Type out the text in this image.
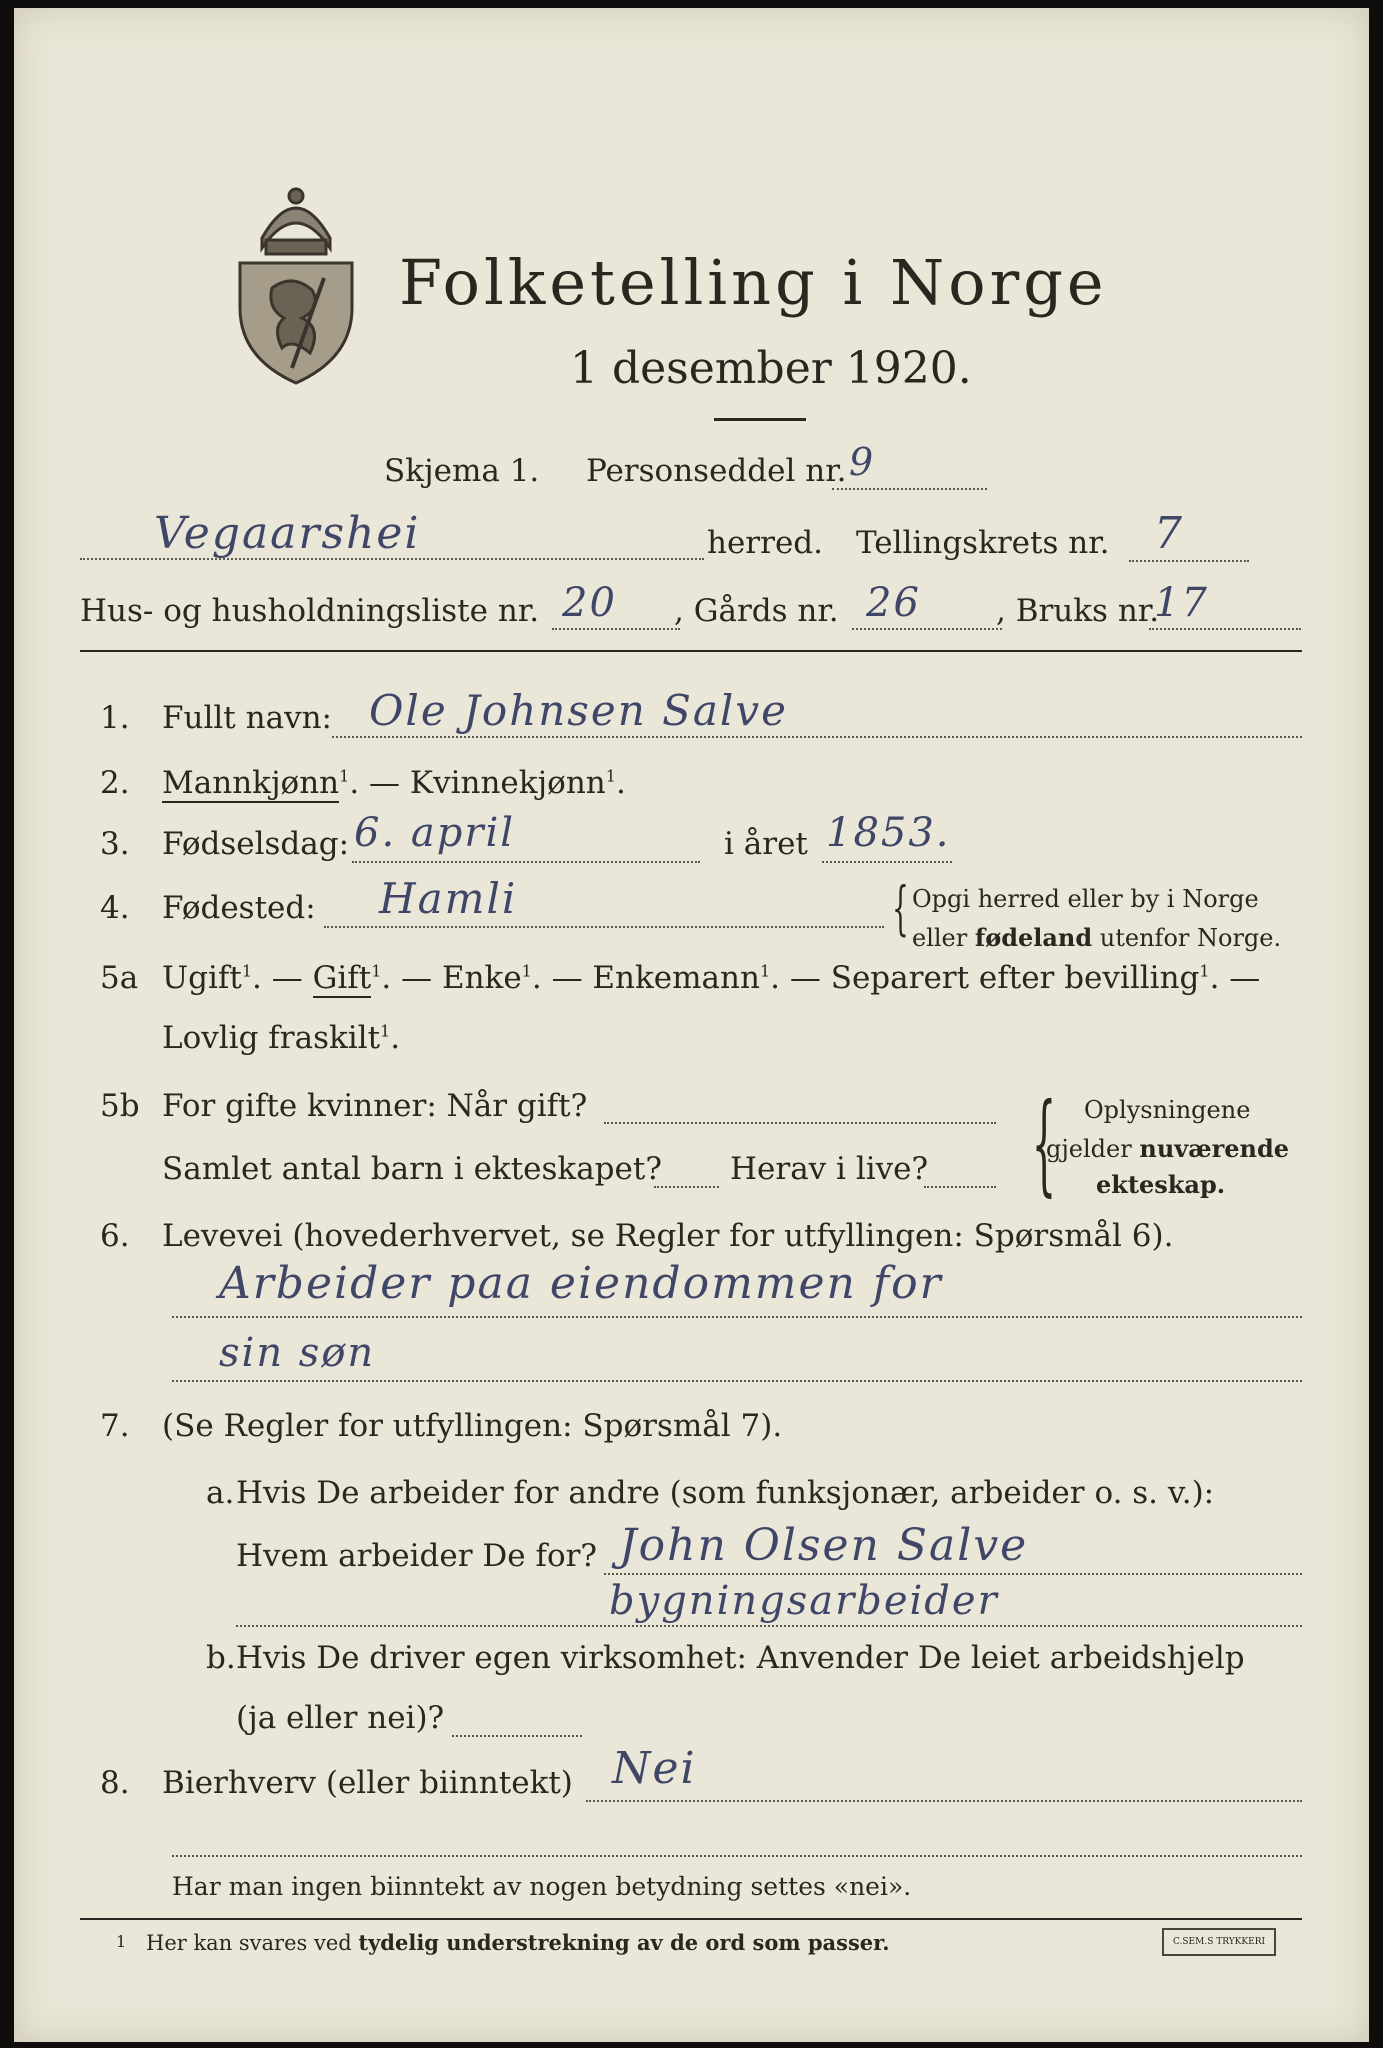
Folketelling i Norge
1 desember 1920.
Skjema 1. Personseddel nr. 9
Vegaarshei	herred. Tellingskrets nr. 7
Hus- og husholdningsliste nr. 20 , Gårds nr. 26 , Bruks nr.
17
1. Fullt navn: Ole Johnsen Salve
2. Mannkjønn$^1$. — Kvinnekjønn$^1$.
3. Fødselsdag: 6. april	i året 1853.
4. Fødested: Hamli	{ Opgi herred eller by i Norge
eller fødeland utenfor Norge.
5a Ugift$^1$. — Gift$^1$. — Enke$^1$. — Enkemann$^1$. — Separert efter bevilling$^1$. —
Lovlig fraskilt$^1$.
5b For gifte kvinner: Når gift?
Samlet antal barn i ekteskapet? Herav i live? { Oplysningene
gjelder nuværende
ekteskap.
6. Levevei (hovederhvervet, se Regler for utfyllingen: Spørsmål 6).
Arbeider paa eiendommen for
sin søn
7. (Se Regler for utfyllingen: Spørsmål 7).
a. Hvis De arbeider for andre (som funksjonær, arbeider o. s. v.):
Hvem arbeider De for? John Olsen Salve
bygningsarbeider
b. Hvis De driver egen virksomhet: Anvender De leiet arbeidshjelp
(ja eller nei)?
8. Bierhverv (eller biinntekt) Nei
Har man ingen biinntekt av nogen betydning settes «nei».
1 Her kan svares ved tydelig understrekning av de ord som passer.	C.SEM.S TRYKKERI
